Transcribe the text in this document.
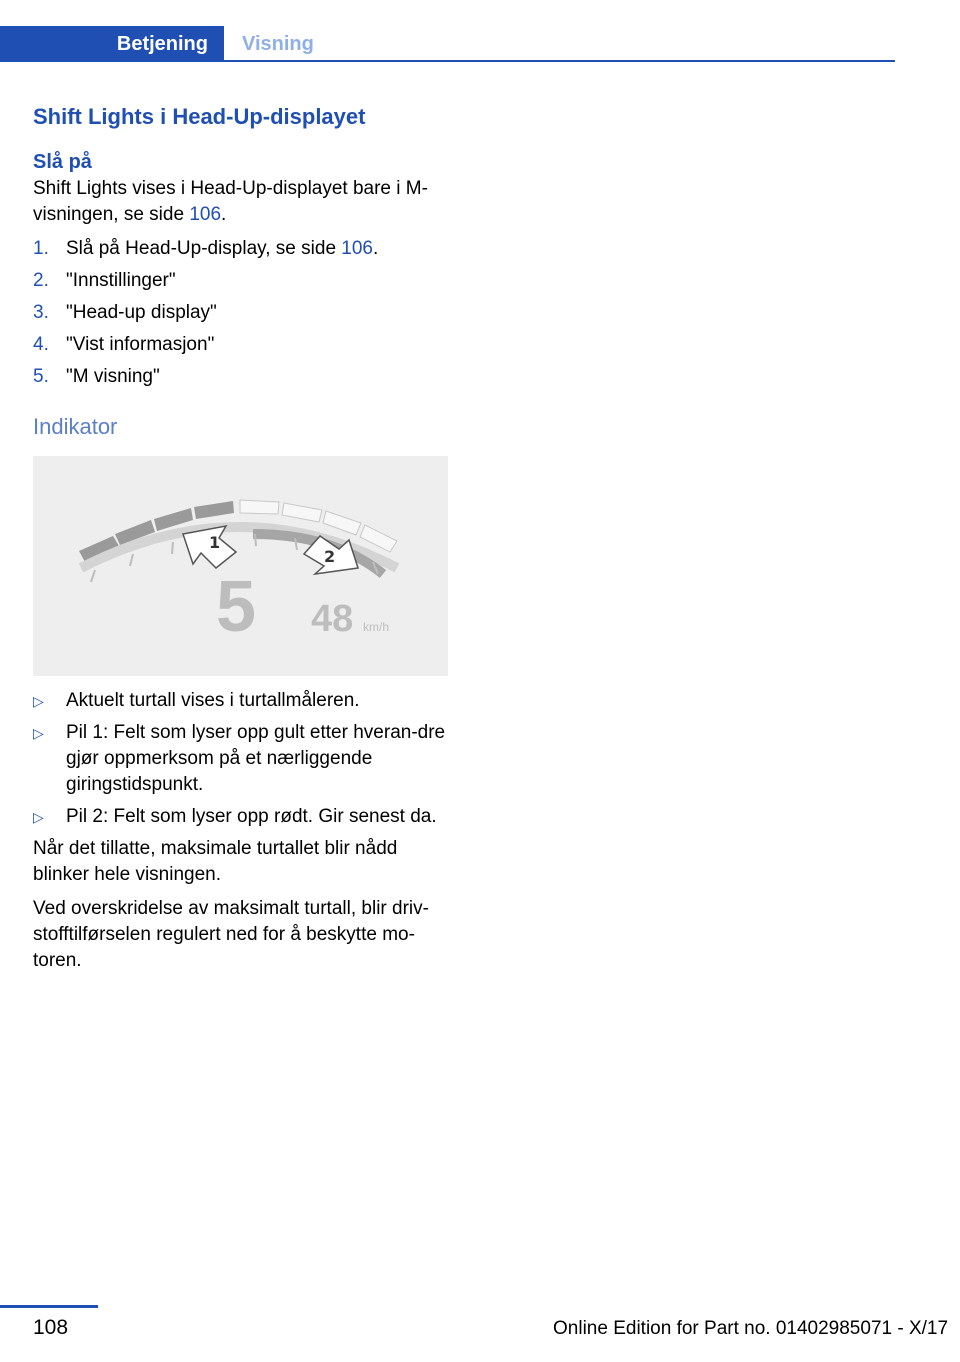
Betjening Visning
Shift Lights i Head-Up-displayet
Slå på

Shift Lights vises i Head-Up-displayet bare i M-visningen, se side 106.

1. Slå på Head-Up-display, se side 106.
2. "Innstillinger"
3. "Head-up display"
4. "Vist informasjon"
5. "M visning"
Indikator
1
2
5 48 km/h
▷	Aktuelt turtall vises i turtallmåleren.
▷	Pil 1: Felt som lyser opp gult etter hveran-dre gjør oppmerksom på et nærliggende giringstidspunkt.
▷	Pil 2: Felt som lyser opp rødt. Gir senest da.

Når det tillatte, maksimale turtallet blir nådd blinker hele visningen.

Ved overskridelse av maksimalt turtall, blir driv-stofftilførselen regulert ned for å beskytte mo-toren.

108	Online Edition for Part no. 01402985071 - X/17
